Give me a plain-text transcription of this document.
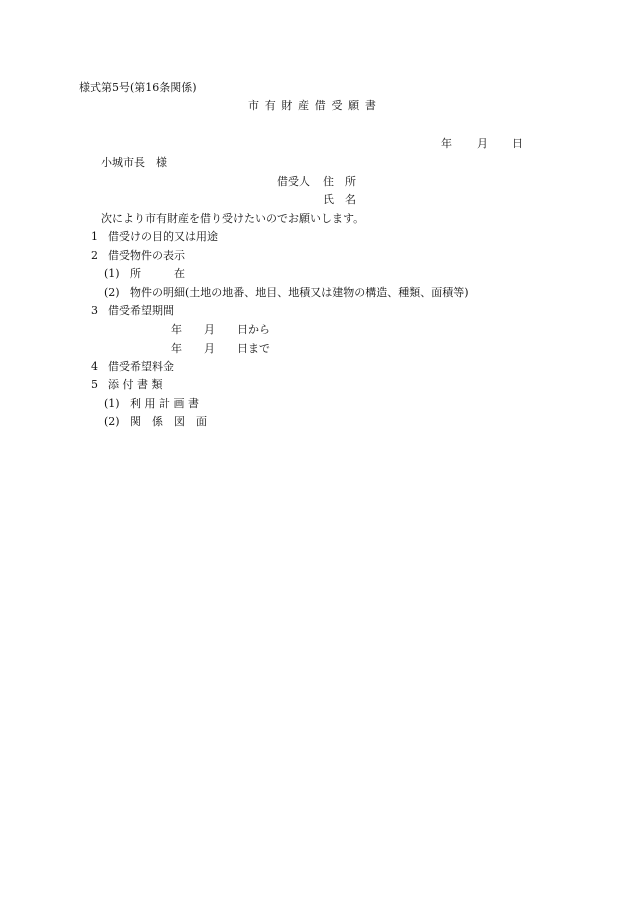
様式第5号(第16条関係)
市 有 財 産 借 受 願 書
年 月 日
小城市長　様
借受人 住　所
氏　名
次により市有財産を借り受けたいのでお願いします。
1 借受けの目的又は用途
2 借受物件の表示
(1) 所　　　在
(2) 物件の明細(土地の地番、地目、地積又は建物の構造、種類、面積等)
3 借受希望期間
年　　月　　日から
年　　月　　日まで
4 借受希望料金
5 添 付 書 類
(1) 利 用 計 画 書
(2) 関　係　図　面
